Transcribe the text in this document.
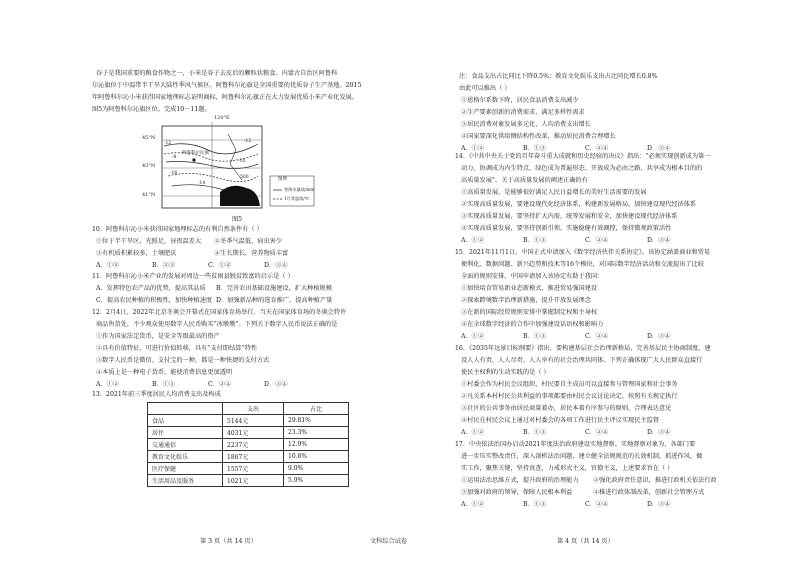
谷子是我国重要的粮食作物之一，小米是谷子去皮后的颗粒状粮食。内蒙古自治区阿鲁科
尔沁旗位于中温带半干旱大陆性季风气候区。阿鲁科尔沁旗是全国重要的优质谷子生产基地。2015
年阿鲁科尔沁小米获得国家地理标志证明商标，阿鲁科尔沁旗正在大力发展优质小米产业化发展。
图5为阿鲁科尔沁旗区位。完成10－11题。
120°E
45°N
43°N
41°N
-12	-12
-8
-10
-16
-14
500
阿鲁科尔沁旗
图例
等降水量线/mm
1月等温线/℃
图5
10．阿鲁科尔沁小米获得国家地理标志的有利自然条件有（ ）
①位于半干旱区，光照足，昼夜温差大 ②冬季气温低，病虫害少
③有机质积累较多，土壤肥沃	④生长期长，营养物质丰富
A．①②	B．②③	C．①④	D．③④
11．阿鲁科尔沁小米产业的发展对周边一些贫困县脱贫致富的启示是（ ）
A．发挥特色农产品的优势，提高其品质 B．完善农田基础设施建设，扩大种植规模
C．提高农民种植的积极性，加快种植速度 D．加强新品种的选育推广，提高种植产量
12．2月4日，2022年北京冬奥会开幕式在国家体育场举行。当天在国家体育场的冬奥会特许
商品售货处，不少观众使用数字人民币购买“冰墩墩”。下列关于数字人民币说法正确的是
①作为国家法定货币，是安全等级最高的资产
②具有价值特征，可进行价值转移，具有“支付即结算”特性
③数字人民币是微信、支付宝的一种，都是一种快捷的支付方式
④本质上是一种电子货币，能使消费信息更加透明
A．①②	B．①③	C．②④	D．③④
13．2021年前三季度居民人均消费支出及构成
	支出	占比
食品	5144元	29.81%
居住	4031元	23.3%
交通通信	2237元	12.9%
教育文化娱乐	1867元	10.8%
医疗保健	1557元	9.0%
生活用品及服务	1021元	5.9%
第 3 页（共 14 页）	文科综合试卷
注：食品支出占比同比下降0.5%；教育文化娱乐支出占比同比增长0.8%
由此可以推出（ ）
①恩格尔系数下降，居民食品消费支出减少
②生产要素创新的消费需求，满足多样性需求
③居民消费对象发展多元化，人均消费支出增长
④国家要深化供给侧结构性改革，推动居民消费合理增长
A．①②	B．①③	C．②④	D．③④
14．《中共中央关于党的百年奋斗重大成就和历史经验的决议》指出：“必须实现创新成为第一
动力、协调成为内生特点、绿色成为普遍形态、开放成为必由之路、共享成为根本目的的
高质量发展”。关于高质量发展的阐述正确的有
①高质量发展，是能够很好满足人民日益增长的美好生活需要的发展
②实现高质量发展，要建设现代化经济体系，构建新发展格局，加快建设现代经济体系
③实现高质量发展，要坚持扩大内需，统筹发展和安全，加快建设现代经济体系
④实现高质量发展，要坚持创新引领，实施稳健有效调控，保持微观政策活性
A．①②	B．①③	C．②④	D．③④
15．2021年11月1日，中国正式申请加入《数字经济伙伴关系协定》。该协定涵盖商业和贸易
便利化、数据问题、新兴趋势和技术等16个模块，对国际数字经济活动和交流提出了比较
全面的规则安排。中国申请加入该协定有助于我国：
①加快培育贸易新业态新模式，推进贸易强国建设
②探索跨境数字治理新措施，提升开放发展理念
③在新的国际经贸规则安排中掌握制定权和主导权
④在全球数字经济的合作中加强建设话语权和影响力
A．①②	B．①③	C．②④	D．③④
16．《2035年远景目标纲要》指出，要构建基层社会治理新格局，完善基层民主协商制度，建
设人人有责、人人尽责、人人享有的社会治理共同体。下列正确体现广大人民群众直接行
使民主权利的生动实践的是（ ）
①村委会作为村民会议组织，村民要自主成员可以直接参与管理国家和社会事务
②凡关系本村村民公共利益的事项都要由村民会议讨论决定，按照有关规定执行
③社区的公共事务由居民商量着办，居民本着有序参与的原则，合理表达意见
④村民在村民会议上通过对村委会的各项工作进行民主评议实现民主监督
A．①②	B．①③	C．②④	D．③④
17．中央依法治国办启动2021年度法治政府建设实地督察。实地督察对象为，各部门要
进一步压实整改责任，深入剖析法治问题，建立健全法规规范的长效机制，抓进作风，做
实工作，聚焦关键，坚持真查，力戒形式主义，官僚主义，上述要求旨在（ ）
①运用法治思维方式，提升政府的治理能力 ②强化政府责任意识，推进行政机关依法行政
③加强对政府的领导，保障人民根本利益	④推进行政体制改革，创新社会管理方式
A．①②	B．①③	C．②④	D．③④
第 4 页（共 14 页）
